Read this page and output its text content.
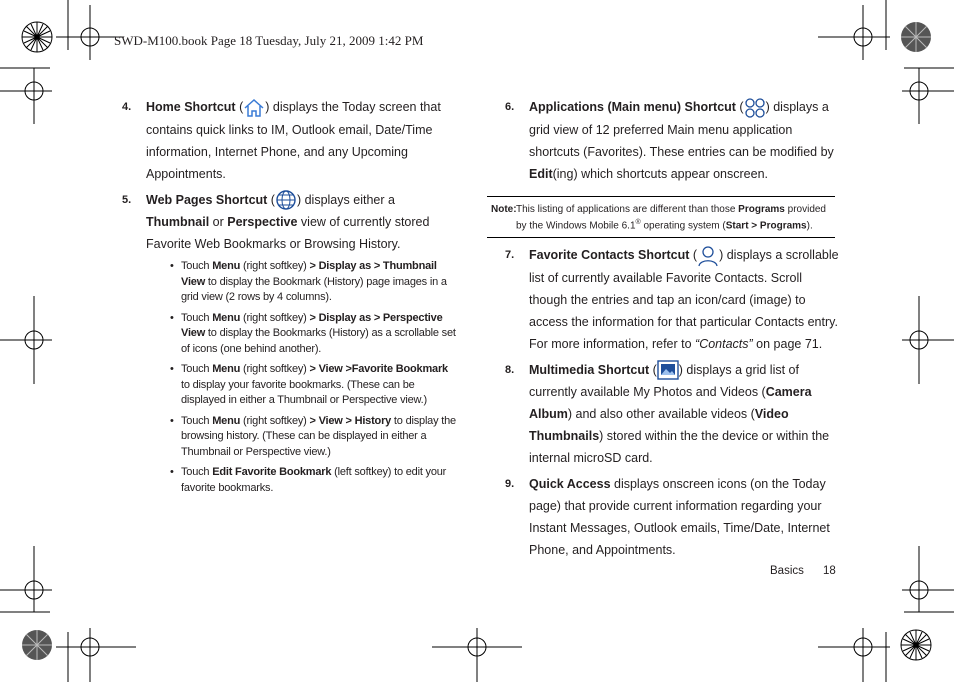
SWD-M100.book Page 18 Tuesday, July 21, 2009 1:42 PM
4. Home Shortcut ( ) displays the Today screen that contains quick links to IM, Outlook email, Date/Time information, Internet Phone, and any Upcoming Appointments.
5. Web Pages Shortcut ( ) displays either a Thumbnail or Perspective view of currently stored Favorite Web Bookmarks or Browsing History.
• Touch Menu (right softkey) > Display as > Thumbnail View to display the Bookmark (History) page images in a grid view (2 rows by 4 columns).
• Touch Menu (right softkey) > Display as > Perspective View to display the Bookmarks (History) as a scrollable set of icons (one behind another).
• Touch Menu (right softkey) > View >Favorite Bookmark to display your favorite bookmarks. (These can be displayed in either a Thumbnail or Perspective view.)
• Touch Menu (right softkey) > View > History to display the browsing history. (These can be displayed in either a Thumbnail or Perspective view.)
• Touch Edit Favorite Bookmark (left softkey) to edit your favorite bookmarks.
6. Applications (Main menu) Shortcut ( ) displays a grid view of 12 preferred Main menu application shortcuts (Favorites). These entries can be modified by Edit(ing) which shortcuts appear onscreen.
Note: This listing of applications are different than those Programs provided by the Windows Mobile 6.1® operating system (Start > Programs).
7. Favorite Contacts Shortcut ( ) displays a scrollable list of currently available Favorite Contacts. Scroll though the entries and tap an icon/card (image) to access the information for that particular Contacts entry. For more information, refer to “Contacts” on page 71.
8. Multimedia Shortcut ( ) displays a grid list of currently available My Photos and Videos (Camera Album) and also other available videos (Video Thumbnails) stored within the the device or within the internal microSD card.
9. Quick Access displays onscreen icons (on the Today page) that provide current information regarding your Instant Messages, Outlook emails, Time/Date, Internet Phone, and Appointments.
Basics 18
